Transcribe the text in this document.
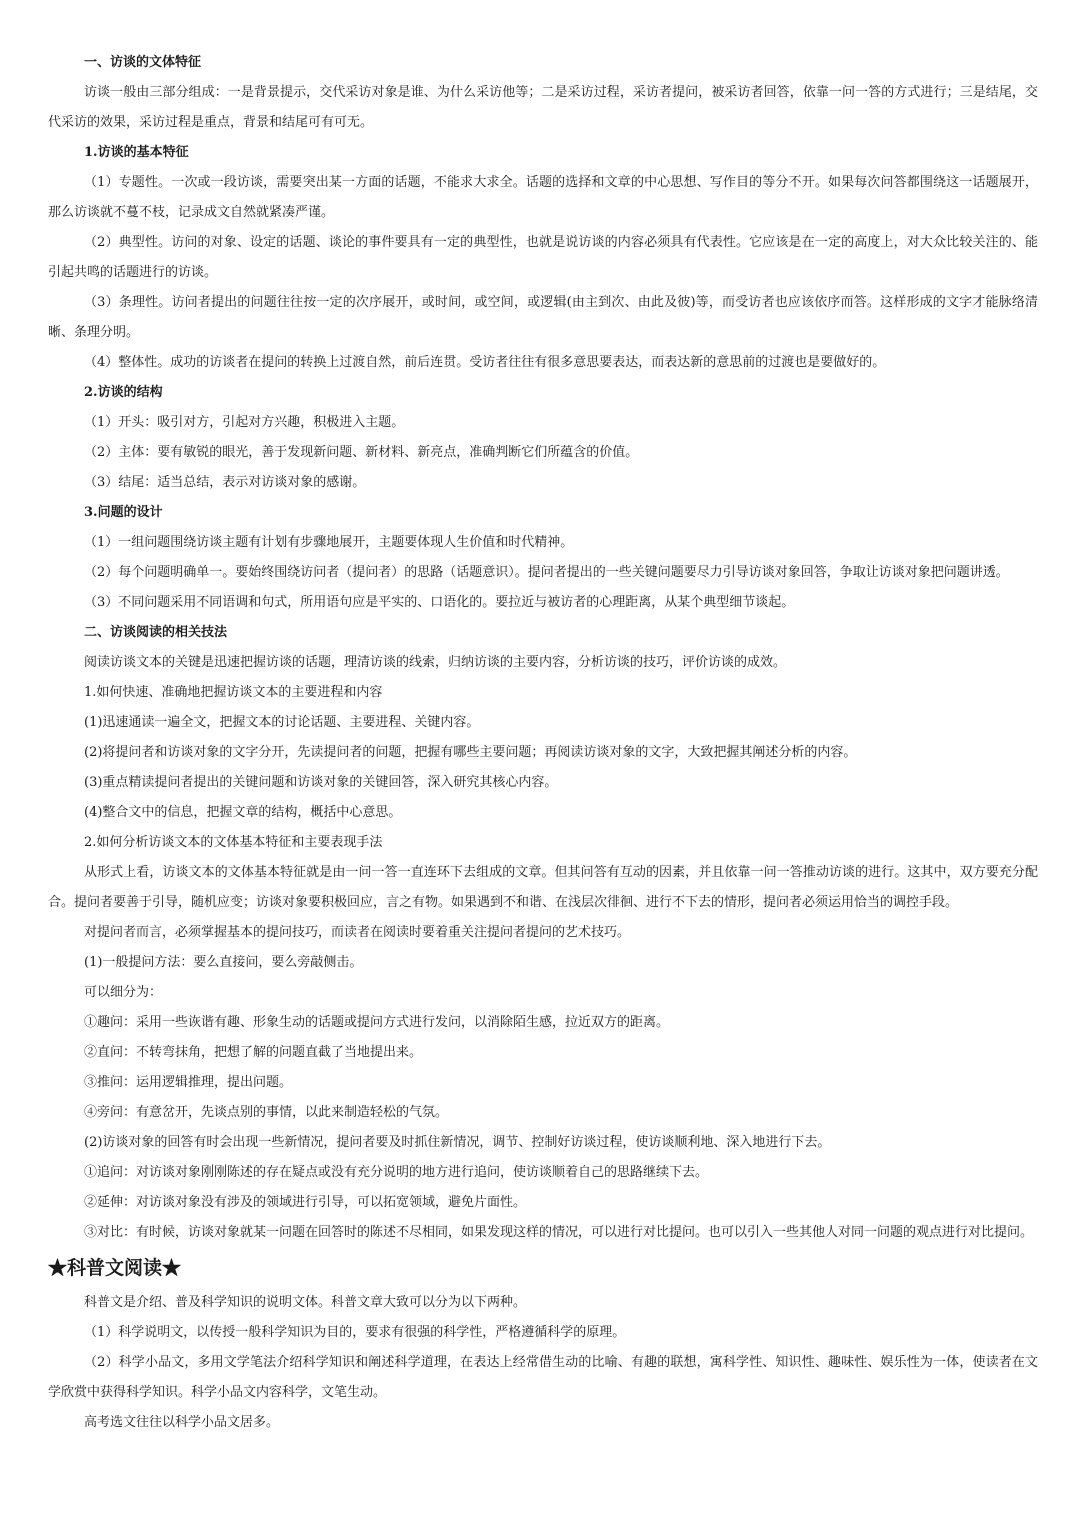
一、访谈的文体特征

访谈一般由三部分组成：一是背景提示，交代采访对象是谁、为什么采访他等；二是采访过程，采访者提问，被采访者回答，依靠一问一答的方式进行；三是结尾，交代采访的效果，采访过程是重点，背景和结尾可有可无。

1.访谈的基本特征

（1）专题性。一次或一段访谈，需要突出某一方面的话题，不能求大求全。话题的选择和文章的中心思想、写作目的等分不开。如果每次问答都围绕这一话题展开，那么访谈就不蔓不枝，记录成文自然就紧凑严谨。

（2）典型性。访问的对象、设定的话题、谈论的事件要具有一定的典型性，也就是说访谈的内容必须具有代表性。它应该是在一定的高度上，对大众比较关注的、能引起共鸣的话题进行的访谈。

（3）条理性。访问者提出的问题往往按一定的次序展开，或时间，或空间，或逻辑(由主到次、由此及彼)等，而受访者也应该依序而答。这样形成的文字才能脉络清晰、条理分明。

（4）整体性。成功的访谈者在提问的转换上过渡自然，前后连贯。受访者往往有很多意思要表达，而表达新的意思前的过渡也是要做好的。

2.访谈的结构

（1）开头：吸引对方，引起对方兴趣，积极进入主题。

（2）主体：要有敏锐的眼光，善于发现新问题、新材料、新亮点，准确判断它们所蕴含的价值。

（3）结尾：适当总结，表示对访谈对象的感谢。

3.问题的设计

（1）一组问题围绕访谈主题有计划有步骤地展开，主题要体现人生价值和时代精神。

（2）每个问题明确单一。要始终围绕访问者（提问者）的思路（话题意识）。提问者提出的一些关键问题要尽力引导访谈对象回答，争取让访谈对象把问题讲透。

（3）不同问题采用不同语调和句式，所用语句应是平实的、口语化的。要拉近与被访者的心理距离，从某个典型细节谈起。

二、访谈阅读的相关技法

阅读访谈文本的关键是迅速把握访谈的话题，理清访谈的线索，归纳访谈的主要内容，分析访谈的技巧，评价访谈的成效。

1.如何快速、准确地把握访谈文本的主要进程和内容

(1)迅速通读一遍全文，把握文本的讨论话题、主要进程、关键内容。

(2)将提问者和访谈对象的文字分开，先读提问者的问题，把握有哪些主要问题；再阅读访谈对象的文字，大致把握其阐述分析的内容。

(3)重点精读提问者提出的关键问题和访谈对象的关键回答，深入研究其核心内容。

(4)整合文中的信息，把握文章的结构，概括中心意思。

2.如何分析访谈文本的文体基本特征和主要表现手法

从形式上看，访谈文本的文体基本特征就是由一问一答一直连环下去组成的文章。但其问答有互动的因素，并且依靠一问一答推动访谈的进行。这其中，双方要充分配合。提问者要善于引导，随机应变；访谈对象要积极回应，言之有物。如果遇到不和谐、在浅层次徘徊、进行不下去的情形，提问者必须运用恰当的调控手段。

对提问者而言，必须掌握基本的提问技巧，而读者在阅读时要着重关注提问者提问的艺术技巧。

(1)一般提问方法：要么直接问，要么旁敲侧击。

可以细分为：

①趣问：采用一些诙谐有趣、形象生动的话题或提问方式进行发问，以消除陌生感，拉近双方的距离。

②直问：不转弯抹角，把想了解的问题直截了当地提出来。

③推问：运用逻辑推理，提出问题。

④旁问：有意岔开，先谈点别的事情，以此来制造轻松的气氛。

(2)访谈对象的回答有时会出现一些新情况，提问者要及时抓住新情况，调节、控制好访谈过程，使访谈顺利地、深入地进行下去。

①追问：对访谈对象刚刚陈述的存在疑点或没有充分说明的地方进行追问，使访谈顺着自己的思路继续下去。

②延伸：对访谈对象没有涉及的领域进行引导，可以拓宽领域，避免片面性。

③对比：有时候，访谈对象就某一问题在回答时的陈述不尽相同，如果发现这样的情况，可以进行对比提问。也可以引入一些其他人对同一问题的观点进行对比提问。

★科普文阅读★

科普文是介绍、普及科学知识的说明文体。科普文章大致可以分为以下两种。

（1）科学说明文，以传授一般科学知识为目的，要求有很强的科学性，严格遵循科学的原理。

（2）科学小品文，多用文学笔法介绍科学知识和阐述科学道理，在表达上经常借生动的比喻、有趣的联想，寓科学性、知识性、趣味性、娱乐性为一体，使读者在文学欣赏中获得科学知识。科学小品文内容科学，文笔生动。

高考选文往往以科学小品文居多。
